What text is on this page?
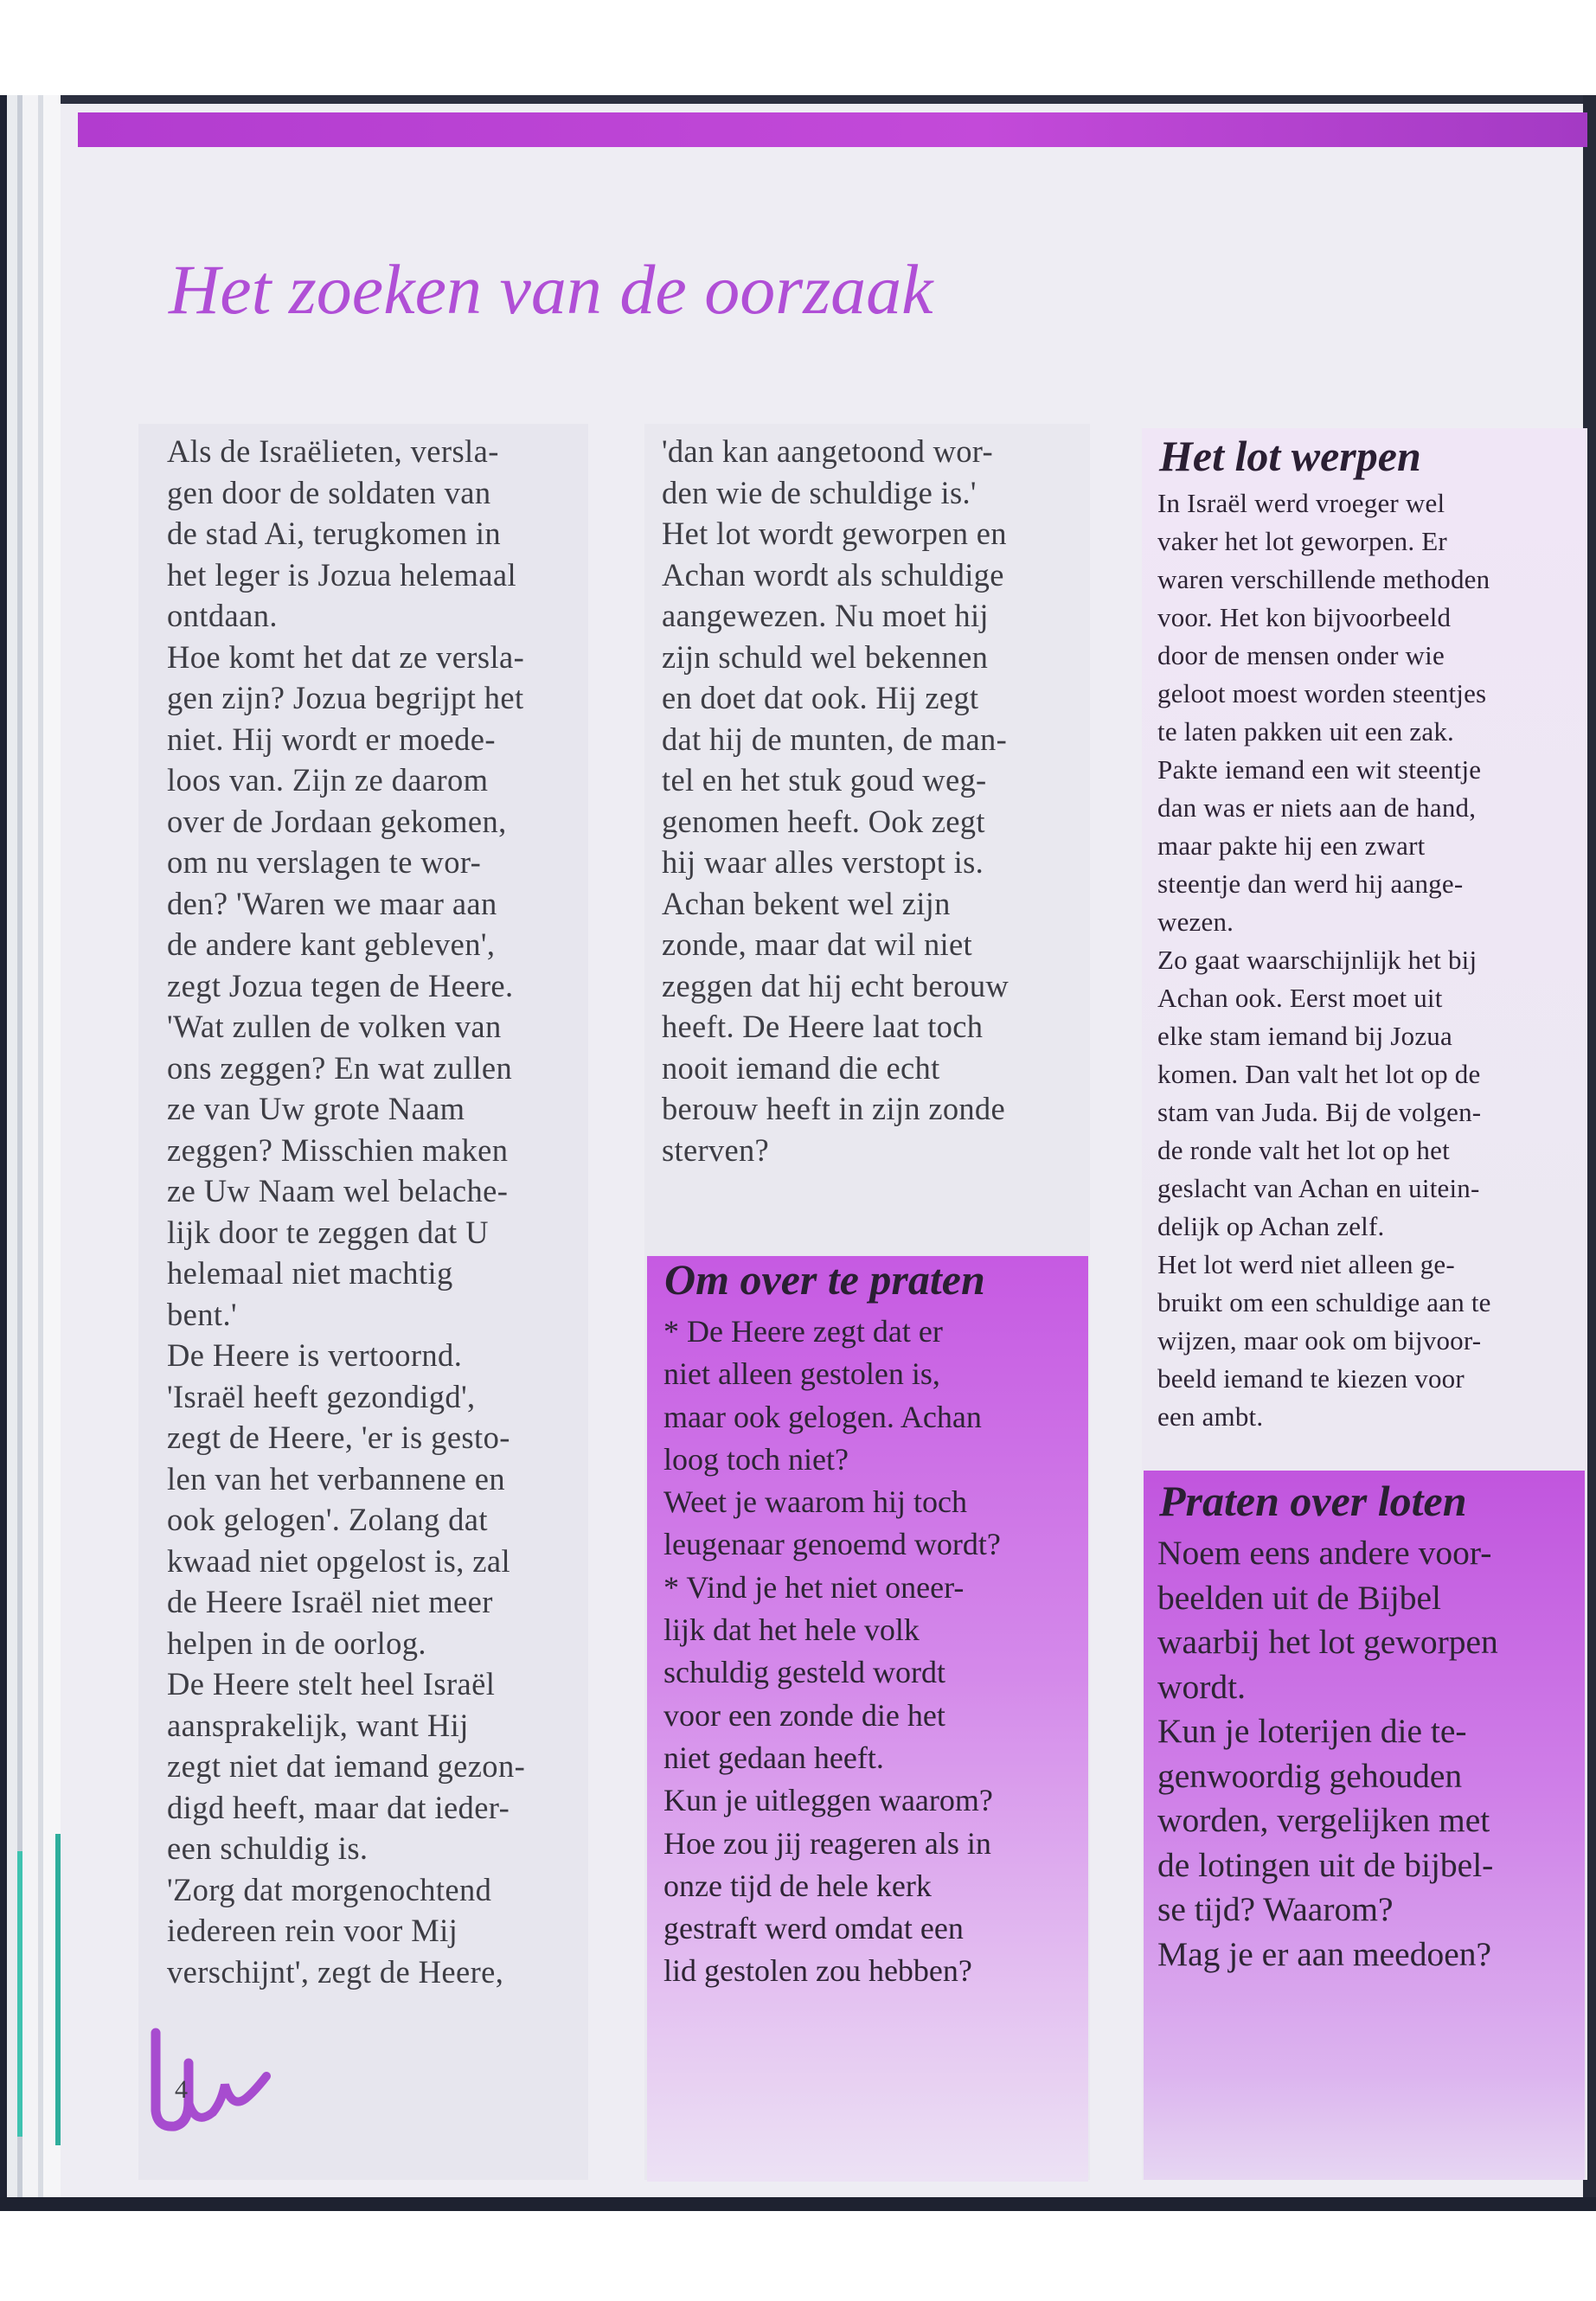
Het zoeken van de oorzaak

Als de Israëlieten, versla-
gen door de soldaten van
de stad Ai, terugkomen in
het leger is Jozua helemaal
ontdaan.
Hoe komt het dat ze versla-
gen zijn? Jozua begrijpt het
niet. Hij wordt er moede-
loos van. Zijn ze daarom
over de Jordaan gekomen,
om nu verslagen te wor-
den? 'Waren we maar aan
de andere kant gebleven',
zegt Jozua tegen de Heere.
'Wat zullen de volken van
ons zeggen? En wat zullen
ze van Uw grote Naam
zeggen? Misschien maken
ze Uw Naam wel belache-
lijk door te zeggen dat U
helemaal niet machtig
bent.'
De Heere is vertoornd.
'Israël heeft gezondigd',
zegt de Heere, 'er is gesto-
len van het verbannene en
ook gelogen'. Zolang dat
kwaad niet opgelost is, zal
de Heere Israël niet meer
helpen in de oorlog.
De Heere stelt heel Israël
aansprakelijk, want Hij
zegt niet dat iemand gezon-
digd heeft, maar dat ieder-
een schuldig is.
'Zorg dat morgenochtend
iedereen rein voor Mij
verschijnt', zegt de Heere,

'dan kan aangetoond wor-
den wie de schuldige is.'
Het lot wordt geworpen en
Achan wordt als schuldige
aangewezen. Nu moet hij
zijn schuld wel bekennen
en doet dat ook. Hij zegt
dat hij de munten, de man-
tel en het stuk goud weg-
genomen heeft. Ook zegt
hij waar alles verstopt is.
Achan bekent wel zijn
zonde, maar dat wil niet
zeggen dat hij echt berouw
heeft. De Heere laat toch
nooit iemand die echt
berouw heeft in zijn zonde
sterven?

Het lot werpen

In Israël werd vroeger wel
vaker het lot geworpen. Er
waren verschillende methoden
voor. Het kon bijvoorbeeld
door de mensen onder wie
geloot moest worden steentjes
te laten pakken uit een zak.
Pakte iemand een wit steentje
dan was er niets aan de hand,
maar pakte hij een zwart
steentje dan werd hij aange-
wezen.
Zo gaat waarschijnlijk het bij
Achan ook. Eerst moet uit
elke stam iemand bij Jozua
komen. Dan valt het lot op de
stam van Juda. Bij de volgen-
de ronde valt het lot op het
geslacht van Achan en uitein-
delijk op Achan zelf.
Het lot werd niet alleen ge-
bruikt om een schuldige aan te
wijzen, maar ook om bijvoor-
beeld iemand te kiezen voor
een ambt.

Om over te praten

* De Heere zegt dat er
niet alleen gestolen is,
maar ook gelogen. Achan
loog toch niet?
Weet je waarom hij toch
leugenaar genoemd wordt?
* Vind je het niet oneer-
lijk dat het hele volk
schuldig gesteld wordt
voor een zonde die het
niet gedaan heeft.
Kun je uitleggen waarom?
Hoe zou jij reageren als in
onze tijd de hele kerk
gestraft werd omdat een
lid gestolen zou hebben?

Praten over loten

Noem eens andere voor-
beelden uit de Bijbel
waarbij het lot geworpen
wordt.
Kun je loterijen die te-
genwoordig gehouden
worden, vergelijken met
de lotingen uit de bijbel-
se tijd? Waarom?
Mag je er aan meedoen?

4
